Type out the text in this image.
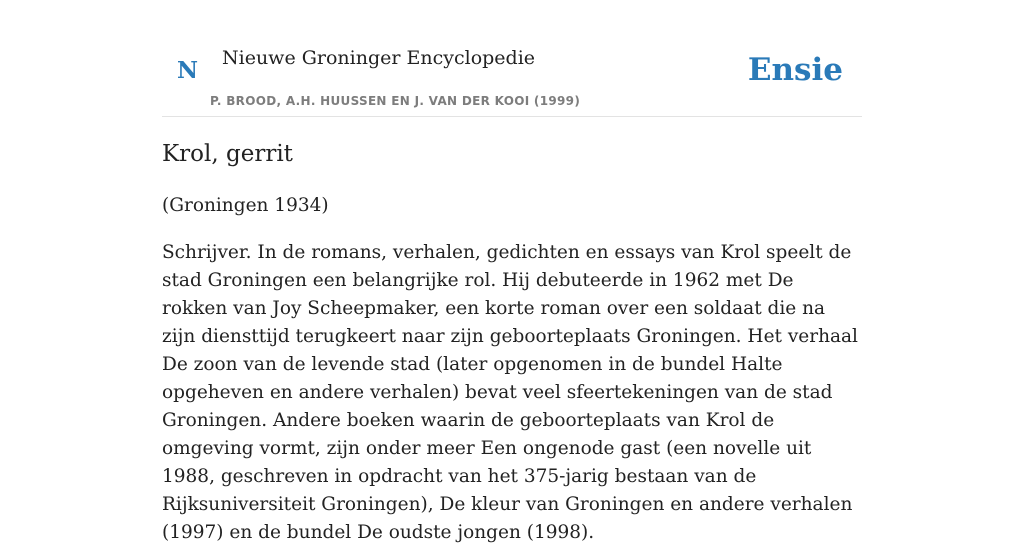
N Nieuwe Groninger Encyclopedie
P. BROOD, A.H. HUUSSEN EN J. VAN DER KOOI (1999)
Ensie
Krol, gerrit

(Groningen 1934)

Schrijver. In de romans, verhalen, gedichten en essays van Krol speelt de stad Groningen een belangrijke rol. Hij debuteerde in 1962 met De rokken van Joy Scheepmaker, een korte roman over een soldaat die na zijn diensttijd terugkeert naar zijn geboorteplaats Groningen. Het verhaal De zoon van de levende stad (later opgenomen in de bundel Halte opgeheven en andere verhalen) bevat veel sfeertekeningen van de stad Groningen. Andere boeken waarin de geboorteplaats van Krol de omgeving vormt, zijn onder meer Een ongenode gast (een novelle uit 1988, geschreven in opdracht van het 375-jarig bestaan van de Rijksuniversiteit Groningen), De kleur van Groningen en andere verhalen (1997) en de bundel De oudste jongen (1998).
